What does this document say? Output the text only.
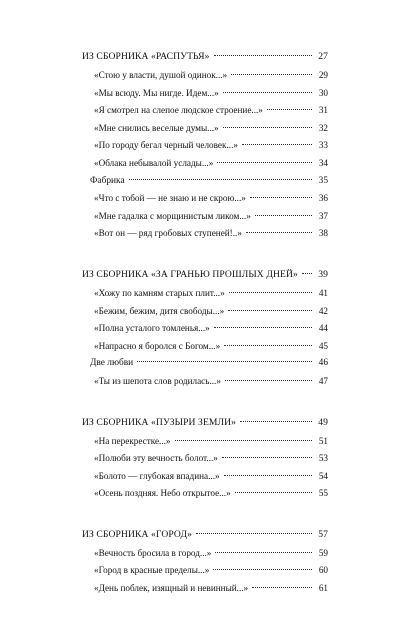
ИЗ СБОРНИКА «РАСПУТЬЯ»	27
«Стою у власти, душой одинок...»	29
«Мы всюду. Мы нигде. Идем...»	30
«Я смотрел на слепое людское строение...»	31
«Мне снились веселые думы...»	32
«По городу бегал черный человек...»	33
«Облака небывалой услады...»	34
Фабрика	35
«Что с тобой — не знаю и не скрою...»	36
«Мне гадалка с морщинистым ликом...»	37
«Вот он — ряд гробовых ступеней!..»	38
ИЗ СБОРНИКА «ЗА ГРАНЬЮ ПРОШЛЫХ ДНЕЙ» 39
«Хожу по камням старых плит...»	41
«Бежим, бежим, дитя свободы...»	42
«Полна усталого томленья...»	44
«Напрасно я боролся с Богом...»	45
Две любви	46
«Ты из шепота слов родилась...»	47
ИЗ СБОРНИКА «ПУЗЫРИ ЗЕМЛИ»	49
«На перекрестке...»	51
«Полюби эту вечность болот...»	53
«Болото — глубокая впадина...»	54
«Осень поздняя. Небо открытое...»	55
ИЗ СБОРНИКА «ГОРОД»	57
«Вечность бросила в город...»	59
«Город в красные пределы...»	60
«День поблек, изящный и невинный...»	61
